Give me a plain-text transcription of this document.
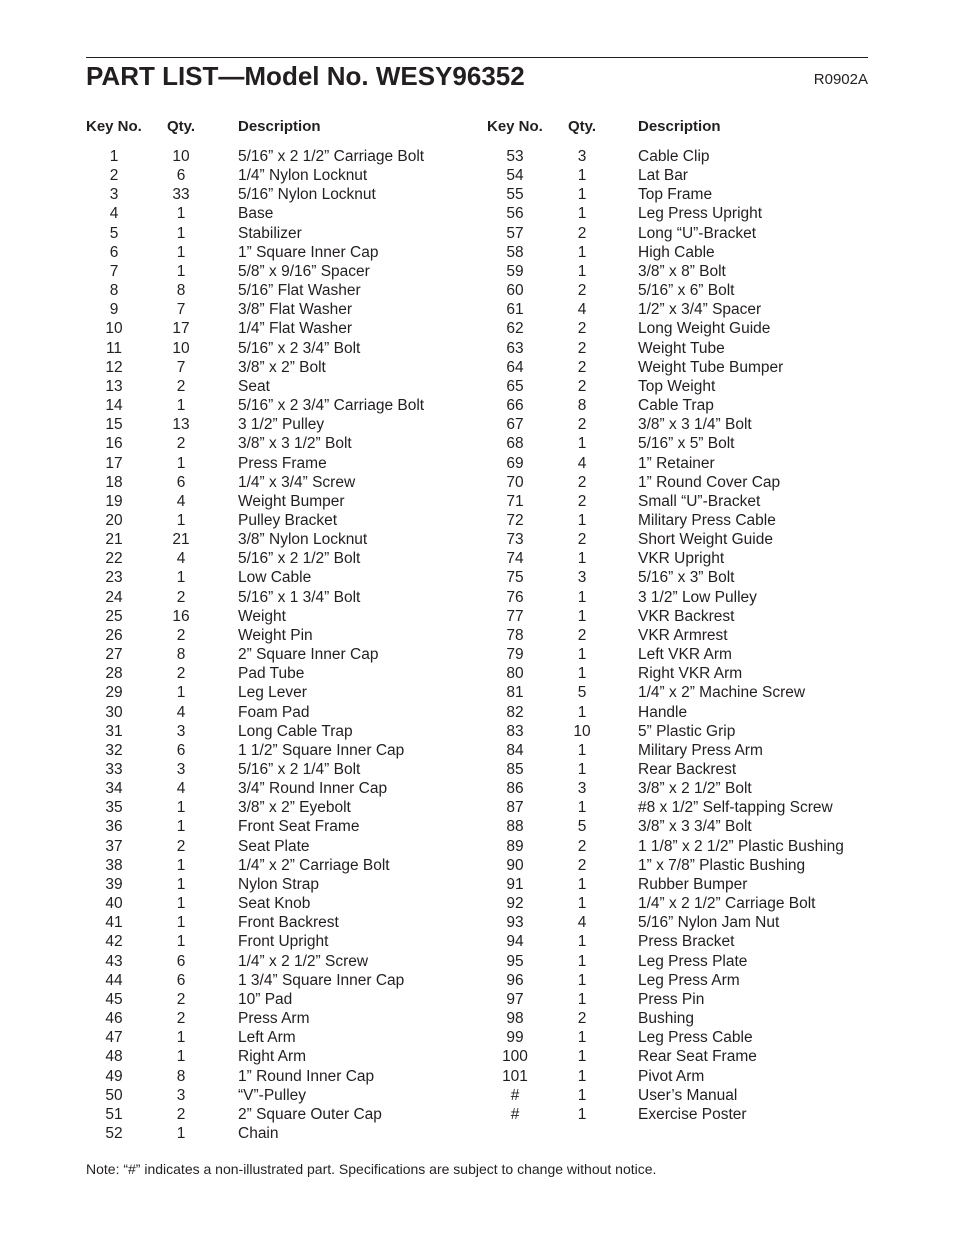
PART LIST—Model No. WESY96352	R0902A
Key No. Qty.	Description	Key No. Qty.	Description
1	10	5/16” x 2 1/2” Carriage Bolt
2	6	1/4” Nylon Locknut
3	33	5/16” Nylon Locknut
4	1	Base
5	1	Stabilizer
6	1	1” Square Inner Cap
7	1	5/8” x 9/16” Spacer
8	8	5/16” Flat Washer
9	7	3/8” Flat Washer
10	17	1/4” Flat Washer
11	10	5/16” x 2 3/4” Bolt
12	7	3/8” x 2” Bolt
13	2	Seat
14	1	5/16” x 2 3/4” Carriage Bolt
15	13	3 1/2” Pulley
16	2	3/8” x 3 1/2” Bolt
17	1	Press Frame
18	6	1/4” x 3/4” Screw
19	4	Weight Bumper
20	1	Pulley Bracket
21	21	3/8” Nylon Locknut
22	4	5/16” x 2 1/2” Bolt
23	1	Low Cable
24	2	5/16” x 1 3/4” Bolt
25	16	Weight
26	2	Weight Pin
27	8	2” Square Inner Cap
28	2	Pad Tube
29	1	Leg Lever
30	4	Foam Pad
31	3	Long Cable Trap
32	6	1 1/2” Square Inner Cap
33	3	5/16” x 2 1/4” Bolt
34	4	3/4” Round Inner Cap
35	1	3/8” x 2” Eyebolt
36	1	Front Seat Frame
37	2	Seat Plate
38	1	1/4” x 2” Carriage Bolt
39	1	Nylon Strap
40	1	Seat Knob
41	1	Front Backrest
42	1	Front Upright
43	6	1/4” x 2 1/2” Screw
44	6	1 3/4” Square Inner Cap
45	2	10” Pad
46	2	Press Arm
47	1	Left Arm
48	1	Right Arm
49	8	1” Round Inner Cap
50	3	“V”-Pulley
51	2	2” Square Outer Cap
52	1	Chain
53	3	Cable Clip
54	1	Lat Bar
55	1	Top Frame
56	1	Leg Press Upright
57	2	Long “U”-Bracket
58	1	High Cable
59	1	3/8” x 8” Bolt
60	2	5/16” x 6” Bolt
61	4	1/2” x 3/4” Spacer
62	2	Long Weight Guide
63	2	Weight Tube
64	2	Weight Tube Bumper
65	2	Top Weight
66	8	Cable Trap
67	2	3/8” x 3 1/4” Bolt
68	1	5/16” x 5” Bolt
69	4	1” Retainer
70	2	1” Round Cover Cap
71	2	Small “U”-Bracket
72	1	Military Press Cable
73	2	Short Weight Guide
74	1	VKR Upright
75	3	5/16” x 3” Bolt
76	1	3 1/2” Low Pulley
77	1	VKR Backrest
78	2	VKR Armrest
79	1	Left VKR Arm
80	1	Right VKR Arm
81	5	1/4” x 2” Machine Screw
82	1	Handle
83	10	5” Plastic Grip
84	1	Military Press Arm
85	1	Rear Backrest
86	3	3/8” x 2 1/2” Bolt
87	1	#8 x 1/2” Self-tapping Screw
88	5	3/8” x 3 3/4” Bolt
89	2	1 1/8” x 2 1/2” Plastic Bushing
90	2	1” x 7/8” Plastic Bushing
91	1	Rubber Bumper
92	1	1/4” x 2 1/2” Carriage Bolt
93	4	5/16” Nylon Jam Nut
94	1	Press Bracket
95	1	Leg Press Plate
96	1	Leg Press Arm
97	1	Press Pin
98	2	Bushing
99	1	Leg Press Cable
100	1	Rear Seat Frame
101	1	Pivot Arm
#	1	User’s Manual
#	1	Exercise Poster
Note: “#” indicates a non-illustrated part. Specifications are subject to change without notice.
